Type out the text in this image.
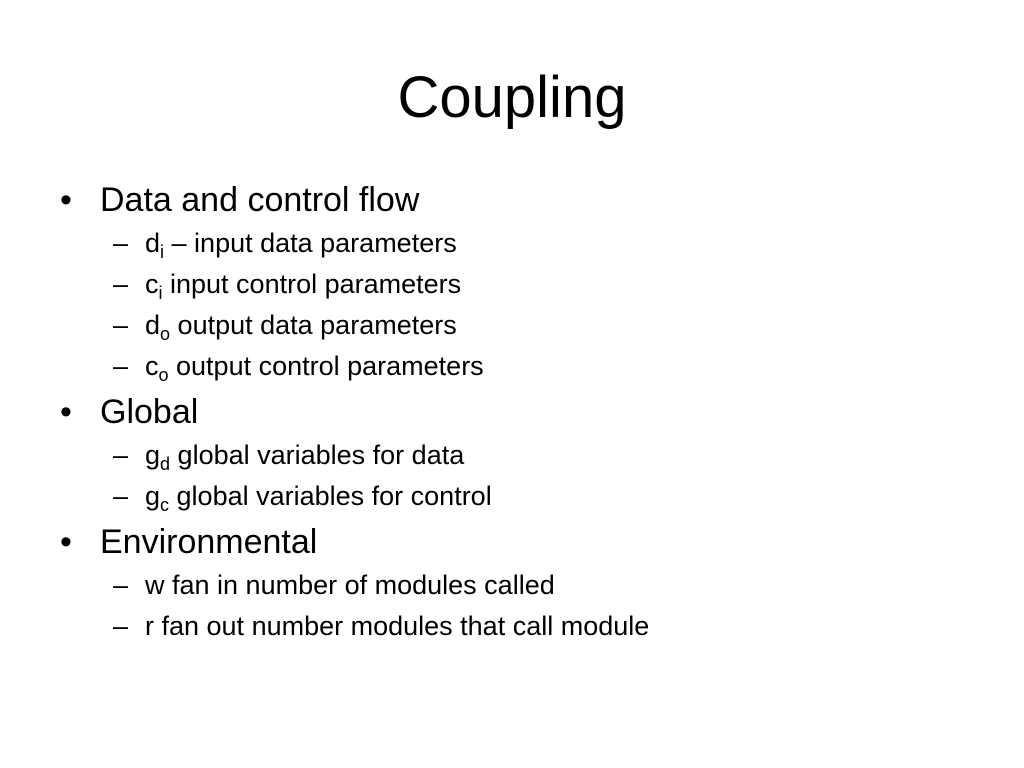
Coupling
• Data and control flow
– $d_i$ – input data parameters
– $c_i$ input control parameters
– $d_o$ output data parameters
– $c_o$ output control parameters
• Global
– $g_d$ global variables for data
– $g_c$ global variables for control
• Environmental
– w fan in number of modules called
– r fan out number modules that call module
